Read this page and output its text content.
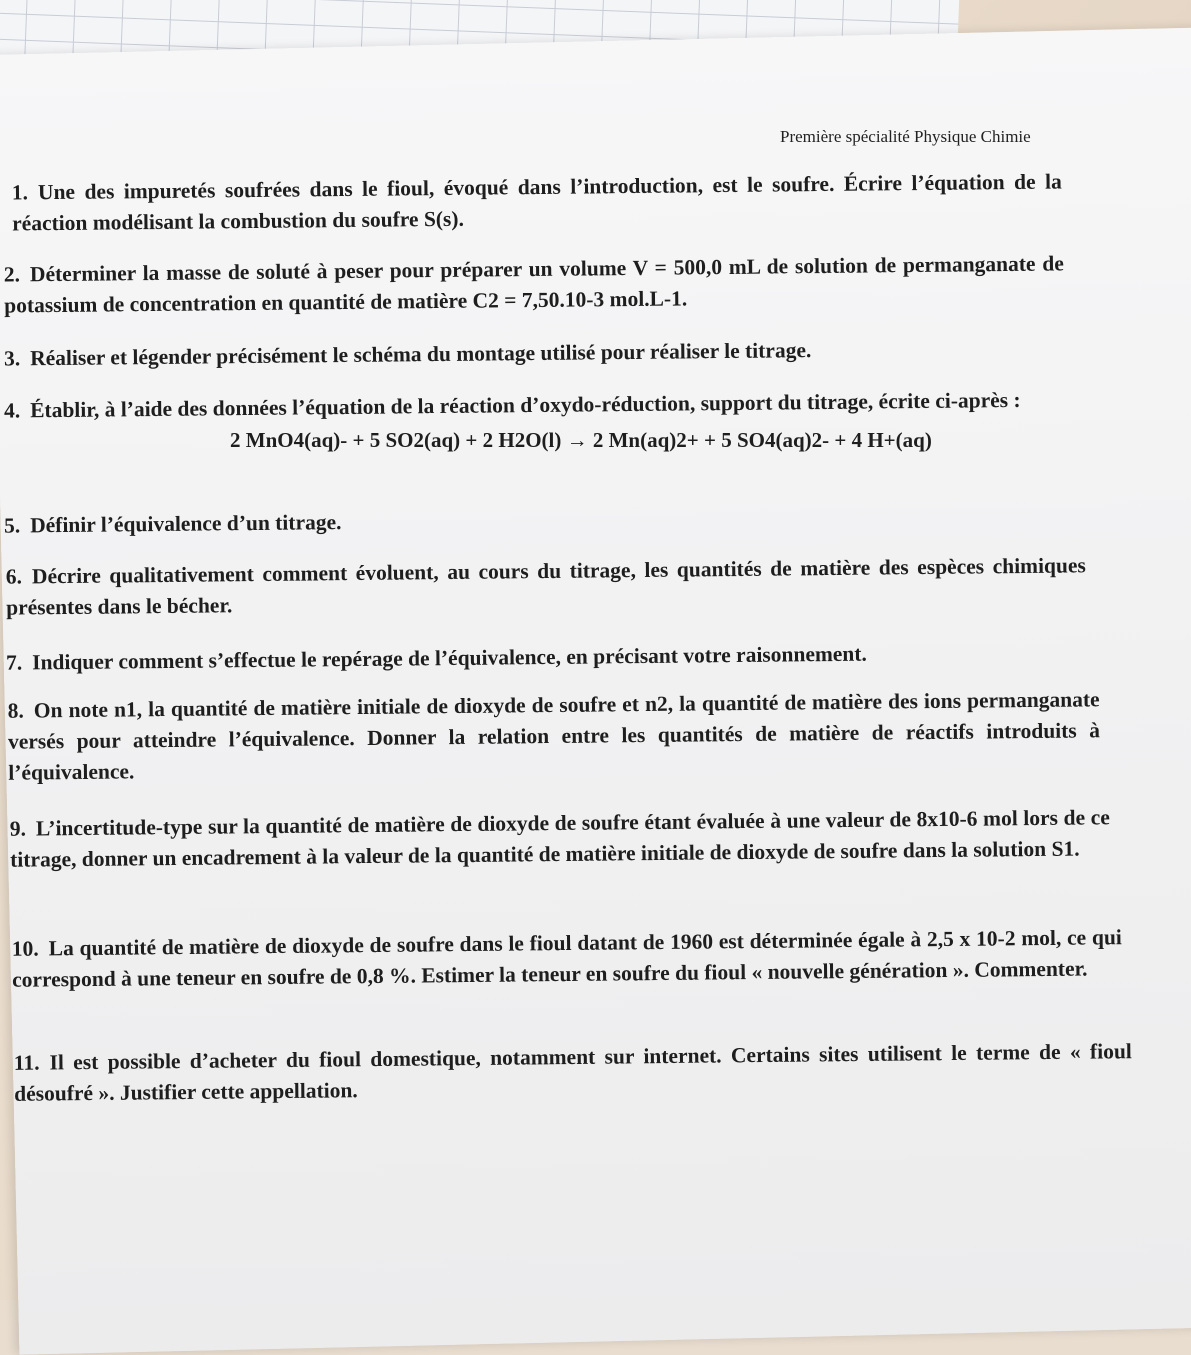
Première spécialité Physique Chimie
1. Une des impuretés soufrées dans le fioul, évoqué dans l’introduction, est le soufre. Écrire l’équation de la réaction modélisant la combustion du soufre S(s).
2. Déterminer la masse de soluté à peser pour préparer un volume V = 500,0 mL de solution de permanganate de potassium de concentration en quantité de matière C2 = 7,50.10-3 mol.L-1.
3. Réaliser et légender précisément le schéma du montage utilisé pour réaliser le titrage.
4. Établir, à l’aide des données l’équation de la réaction d’oxydo-réduction, support du titrage, écrite ci-après :
2 MnO4(aq)- + 5 SO2(aq) + 2 H2O(l) → 2 Mn(aq)2+ + 5 SO4(aq)2- + 4 H+(aq)
5. Définir l’équivalence d’un titrage.
6. Décrire qualitativement comment évoluent, au cours du titrage, les quantités de matière des espèces chimiques présentes dans le bécher.
7. Indiquer comment s’effectue le repérage de l’équivalence, en précisant votre raisonnement.
8. On note n1, la quantité de matière initiale de dioxyde de soufre et n2, la quantité de matière des ions permanganate versés pour atteindre l’équivalence. Donner la relation entre les quantités de matière de réactifs introduits à l’équivalence.
9. L’incertitude-type sur la quantité de matière de dioxyde de soufre étant évaluée à une valeur de 8x10-6 mol lors de ce titrage, donner un encadrement à la valeur de la quantité de matière initiale de dioxyde de soufre dans la solution S1.
10. La quantité de matière de dioxyde de soufre dans le fioul datant de 1960 est déterminée égale à 2,5 x 10-2 mol, ce qui correspond à une teneur en soufre de 0,8 %. Estimer la teneur en soufre du fioul « nouvelle génération ». Commenter.
11. Il est possible d’acheter du fioul domestique, notamment sur internet. Certains sites utilisent le terme de « fioul désoufré ». Justifier cette appellation.
